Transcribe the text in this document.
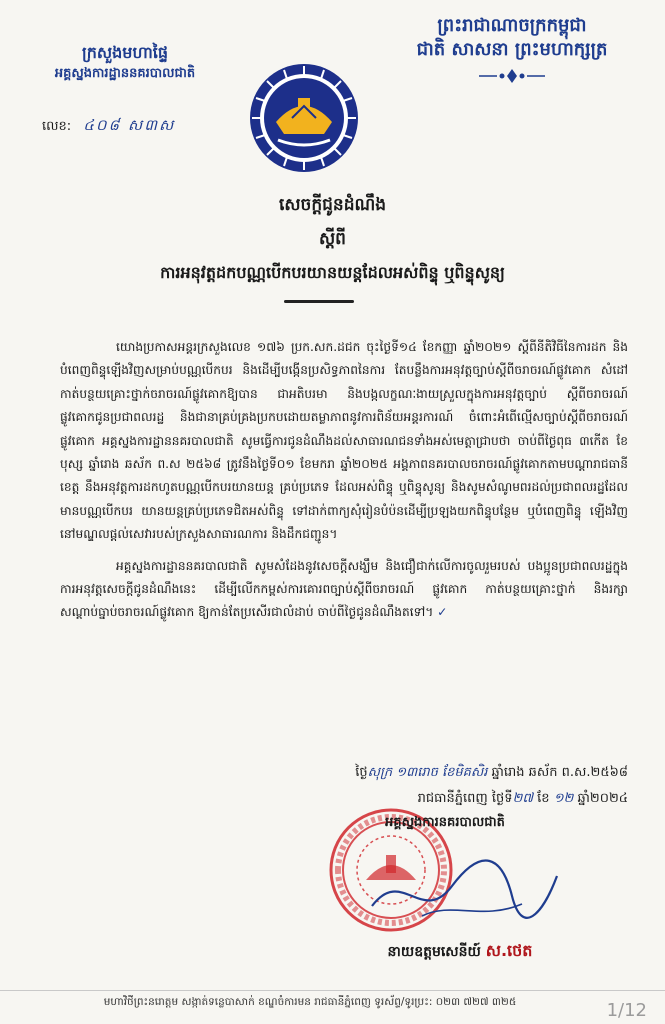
ព្រះរាជាណាចក្រកម្ពុជា
ជាតិ សាសនា ព្រះមហាក្សត្រ
ក្រសួងមហាផ្ទៃ
អគ្គស្នងការដ្ឋាននគរបាលជាតិ
លេខ: ៤០៨ ស៣ស
សេចក្តីជូនដំណឹង
ស្តីពី
ការអនុវត្តដកបណ្ណបើកបរយានយន្តដែលអស់ពិន្ទុ ឬពិន្ទុសូន្យ

យោងប្រកាសអន្តរក្រសួងលេខ ១៧៦ ប្រក.សក.ដជក ចុះថ្ងៃទី១៤ ខែកញ្ញា ឆ្នាំ២០២១ ស្តីពីនីតិវិធីនៃការដក និងបំពេញពិន្ទុឡើងវិញសម្រាប់បណ្ណបើកបរ និងដើម្បីបង្កើនប្រសិទ្ធភាពនៃការ តែបន្លឹងការអនុវត្តច្បាប់ស្តីពីចរាចរណ៍ផ្លូវគោក សំដៅកាត់បន្ថយគ្រោះថ្នាក់ចរាចរណ៍ផ្លូវគោកឱ្យបាន ជាអតិបរមា និងបង្កលក្ខណៈងាយស្រួលក្នុងការអនុវត្តច្បាប់ ស្តីពីចរាចរណ៍ផ្លូវគោកជូនប្រជាពលរដ្ឋ និងជានាគ្រប់គ្រងប្រកបដោយតម្លាភាពនូវការពិន័យអន្តរការណ៍ ចំពោះអំពើល្មើសច្បាប់ស្តីពីចរាចរណ៍ ផ្លូវគោក អគ្គស្នងការដ្ឋាននគរបាលជាតិ សូមធ្វើការជូនដំណឹងដល់សាធារណជនទាំងអស់មេត្តាជ្រាបថា ចាប់ពីថ្ងៃពុធ ៣កើត ខែបុស្ស ឆ្នាំរោង ឆស័ក ព.ស ២៥៦៨ ត្រូវនឹងថ្ងៃទី០១ ខែមករា ឆ្នាំ២០២៥ អង្គភាពនគរបាលចរាចរណ៍ផ្លូវគោកតាមបណ្តារាជធានី ខេត្ត នឹងអនុវត្តការដកហូតបណ្ណបើកបរយានយន្ត គ្រប់ប្រភេទ ដែលអស់ពិន្ទុ ឬពិន្ទុសូន្យ និងសូមសំណូមពរដល់ប្រជាពលរដ្ឋដែលមានបណ្ណបើកបរ យានយន្តគ្រប់ប្រភេទជិតអស់ពិន្ទុ ទៅដាក់ពាក្យសុំរៀនបំប៉នដើម្បីប្រឡងយកពិន្ទុបន្ថែម ឬបំពេញពិន្ទុ ឡើងវិញ នៅមណ្ឌលផ្តល់សេវារបស់ក្រសួងសាធារណការ និងដឹកជញ្ជូន។

អគ្គស្នងការដ្ឋាននគរបាលជាតិ សូមសំដែងនូវសេចក្តីសង្ឃឹម និងជឿជាក់លើការចូលរួមរបស់ បងប្អូនប្រជាពលរដ្ឋក្នុងការអនុវត្តសេចក្តីជូនដំណឹងនេះ ដើម្បីលើកកម្ពស់ការគោរពច្បាប់ស្តីពីចរាចរណ៍ ផ្លូវគោក កាត់បន្ថយគ្រោះថ្នាក់ និងរក្សាសណ្តាប់ធ្នាប់ចរាចរណ៍ផ្លូវគោក ឱ្យកាន់តែប្រសើរជាលំដាប់ ចាប់ពីថ្ងៃជូនដំណឹងតទៅ។ ✓

ថ្ងៃសុក្រ ១៣រោច ខែមិគសិរ ឆ្នាំរោង ឆស័ក ព.ស.២៥៦៨
រាជធានីភ្នំពេញ ថ្ងៃទី២៧ ខែ ១២ ឆ្នាំ២០២៤
អគ្គស្នងការនគរបាលជាតិ
នាយឧត្តមសេនីយ៍ ស.ថេត
មហាវិថីព្រះនរោត្តម សង្កាត់ទន្លេបាសាក់ ខណ្ឌចំការមន រាជធានីភ្នំពេញ ទូរស័ព្ទ/ទូរប្រះ: ០២៣ ៧២៧ ៣២៥	1/12
